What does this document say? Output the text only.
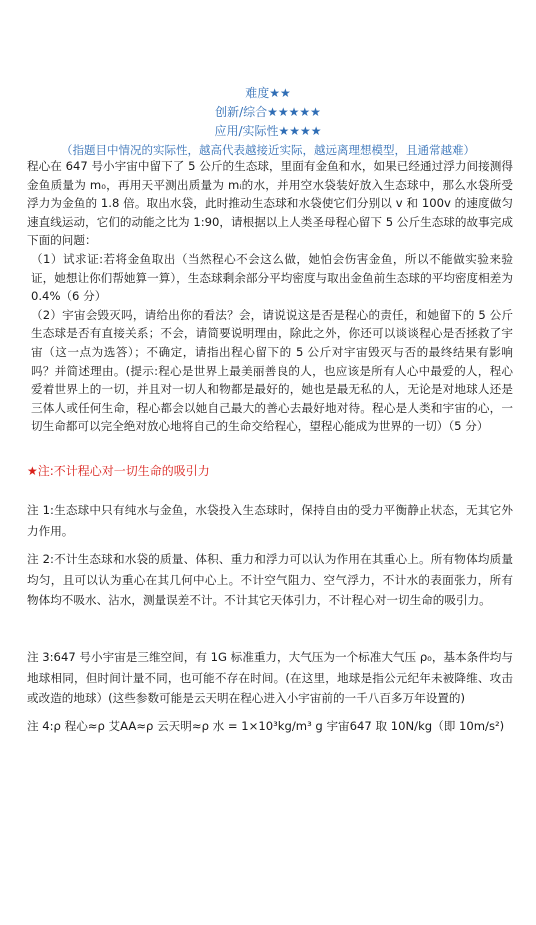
难度★★
创新/综合★★★★★
应用/实际性★★★★
（指题目中情况的实际性，越高代表越接近实际，越远离理想模型，且通常越难）

程心在 647 号小宇宙中留下了 5 公斤的生态球，里面有金鱼和水，如果已经通过浮力间接测得金鱼质量为 m₀，再用天平测出质量为 mᵢ的水，并用空水袋装好放入生态球中，那么水袋所受浮力为金鱼的 1.8 倍。取出水袋，此时推动生态球和水袋使它们分别以 v 和 100v 的速度做匀速直线运动，它们的动能之比为 1:90，请根据以上人类圣母程心留下 5 公斤生态球的故事完成下面的问题：

（1）试求证:若将金鱼取出（当然程心不会这么做，她怕会伤害金鱼，所以不能做实验来验证，她想让你们帮她算一算），生态球剩余部分平均密度与取出金鱼前生态球的平均密度相差为 0.4%（6 分）

（2）宇宙会毁灭吗，请给出你的看法？会，请说说这是否是程心的责任，和她留下的 5 公斤生态球是否有直接关系；不会，请简要说明理由，除此之外，你还可以谈谈程心是否拯救了宇宙（这一点为选答）；不确定，请指出程心留下的 5 公斤对宇宙毁灭与否的最终结果有影响吗？并简述理由。(提示:程心是世界上最美丽善良的人，也应该是所有人心中最爱的人，程心爱着世界上的一切，并且对一切人和物都是最好的，她也是最无私的人，无论是对地球人还是三体人或任何生命，程心都会以她自己最大的善心去最好地对待。程心是人类和宇宙的心，一切生命都可以完全绝对放心地将自己的生命交给程心，望程心能成为世界的一切）（5 分）

★注:不计程心对一切生命的吸引力
注 1:生态球中只有纯水与金鱼，水袋投入生态球时，保持自由的受力平衡静止状态，无其它外力作用。
注 2:不计生态球和水袋的质量、体积、重力和浮力可以认为作用在其重心上。所有物体均质量均匀，且可以认为重心在其几何中心上。不计空气阻力、空气浮力，不计水的表面张力，所有物体均不吸水、沾水，测量误差不计。不计其它天体引力，不计程心对一切生命的吸引力。
注 3:647 号小宇宙是三维空间，有 1G 标准重力，大气压为一个标准大气压 ρ₀，基本条件均与地球相同，但时间计量不同，也可能不存在时间。(在这里，地球是指公元纪年未被降维、攻击或改造的地球）(这些参数可能是云天明在程心进入小宇宙前的一千八百多万年设置的)
注 4:ρ 程心≈ρ 艾AA≈ρ 云天明≈ρ 水 = 1×10³kg/m³ g 宇宙647 取 10N/kg（即 10m/s²)
